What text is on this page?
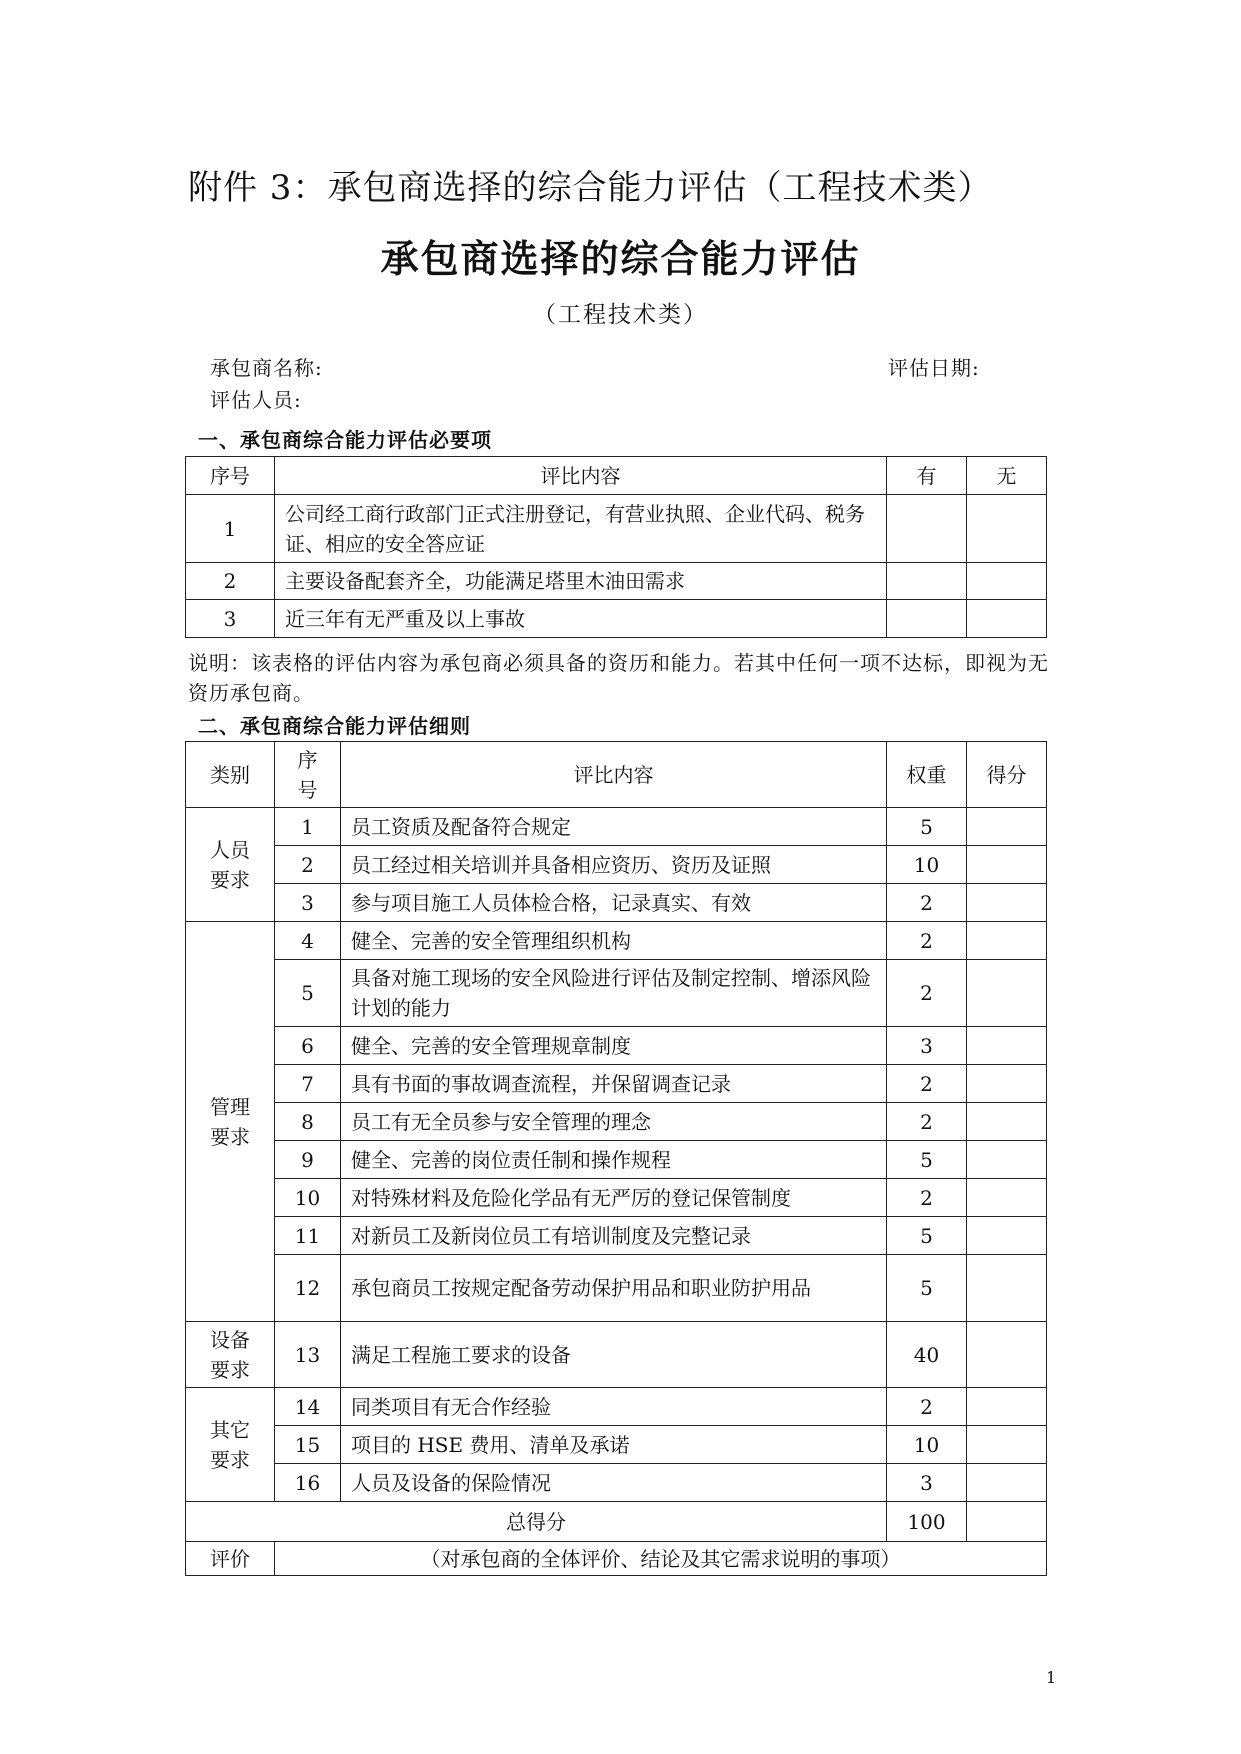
附件 3：承包商选择的综合能力评估（工程技术类）
承包商选择的综合能力评估
（工程技术类）
承包商名称:	评估日期:
评估人员:
一、承包商综合能力评估必要项
序号	评比内容	有	无
1	公司经工商行政部门正式注册登记，有营业执照、企业代码、税务证、相应的安全答应证		
2	主要设备配套齐全，功能满足塔里木油田需求		
3	近三年有无严重及以上事故		
说明：该表格的评估内容为承包商必须具备的资历和能力。若其中任何一项不达标，即视为无资历承包商。
二、承包商综合能力评估细则
类别	序号	评比内容	权重	得分
人员要求	1	员工资质及配备符合规定	5	
	2	员工经过相关培训并具备相应资历、资历及证照	10	
	3	参与项目施工人员体检合格，记录真实、有效	2	
管理要求	4	健全、完善的安全管理组织机构	2	
	5	具备对施工现场的安全风险进行评估及制定控制、增添风险计划的能力	2	
	6	健全、完善的安全管理规章制度	3	
	7	具有书面的事故调查流程，并保留调查记录	2	
	8	员工有无全员参与安全管理的理念	2	
	9	健全、完善的岗位责任制和操作规程	5	
	10	对特殊材料及危险化学品有无严厉的登记保管制度	2	
	11	对新员工及新岗位员工有培训制度及完整记录	5	
	12	承包商员工按规定配备劳动保护用品和职业防护用品	5	
设备要求	13	满足工程施工要求的设备	40	
其它要求	14	同类项目有无合作经验	2	
	15	项目的 HSE 费用、清单及承诺	10	
	16	人员及设备的保险情况	3	
总得分			100	
评价	（对承包商的全体评价、结论及其它需求说明的事项）			
1
